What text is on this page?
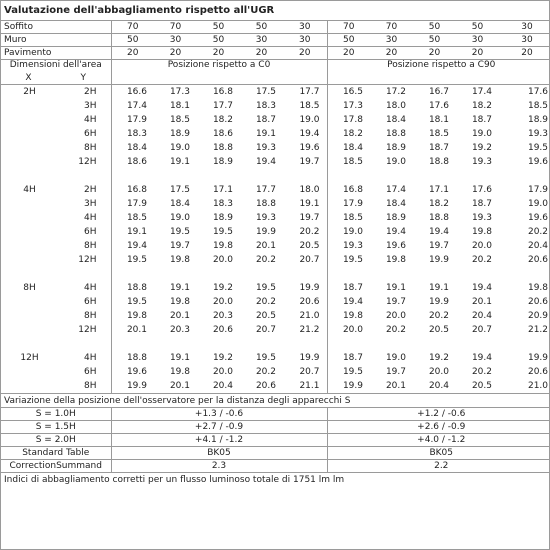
Valutazione dell'abbagliamento rispetto all'UGR											
Soffito		70	70	50	50	30	70	70	50	50	30
Muro		50	30	50	30	30	50	30	50	30	30
Pavimento		20	20	20	20	20	20	20	20	20	20
Dimensioni dell'area		Posizione rispetto a C0					Posizione rispetto a C90				
X	Y										
2H	2H	16.6	17.3	16.8	17.5	17.7	16.5	17.2	16.7	17.4	17.6
	3H	17.4	18.1	17.7	18.3	18.5	17.3	18.0	17.6	18.2	18.5
	4H	17.9	18.5	18.2	18.7	19.0	17.8	18.4	18.1	18.7	18.9
	6H	18.3	18.9	18.6	19.1	19.4	18.2	18.8	18.5	19.0	19.3
	8H	18.4	19.0	18.8	19.3	19.6	18.4	18.9	18.7	19.2	19.5
	12H	18.6	19.1	18.9	19.4	19.7	18.5	19.0	18.8	19.3	19.6

4H	2H	16.8	17.5	17.1	17.7	18.0	16.8	17.4	17.1	17.6	17.9
	3H	17.9	18.4	18.3	18.8	19.1	17.9	18.4	18.2	18.7	19.0
	4H	18.5	19.0	18.9	19.3	19.7	18.5	18.9	18.8	19.3	19.6
	6H	19.1	19.5	19.5	19.9	20.2	19.0	19.4	19.4	19.8	20.2
	8H	19.4	19.7	19.8	20.1	20.5	19.3	19.6	19.7	20.0	20.4
	12H	19.5	19.8	20.0	20.2	20.7	19.5	19.8	19.9	20.2	20.6

8H	4H	18.8	19.1	19.2	19.5	19.9	18.7	19.1	19.1	19.4	19.8
	6H	19.5	19.8	20.0	20.2	20.6	19.4	19.7	19.9	20.1	20.6
	8H	19.8	20.1	20.3	20.5	21.0	19.8	20.0	20.2	20.4	20.9
	12H	20.1	20.3	20.6	20.7	21.2	20.0	20.2	20.5	20.7	21.2

12H	4H	18.8	19.1	19.2	19.5	19.9	18.7	19.0	19.2	19.4	19.9
	6H	19.6	19.8	20.0	20.2	20.7	19.5	19.7	20.0	20.2	20.6
	8H	19.9	20.1	20.4	20.6	21.1	19.9	20.1	20.4	20.5	21.0
Variazione della posizione dell'osservatore per la distanza degli apparecchi S											
S = 1.0H		+1.3 / -0.6					+1.2 / -0.6				
S = 1.5H		+2.7 / -0.9					+2.6 / -0.9				
S = 2.0H		+4.1 / -1.2					+4.0 / -1.2				
Standard Table		BK05					BK05				
CorrectionSummand		2.3					2.2				
Indici di abbagliamento corretti per un flusso luminoso totale di 1751 lm lm											
